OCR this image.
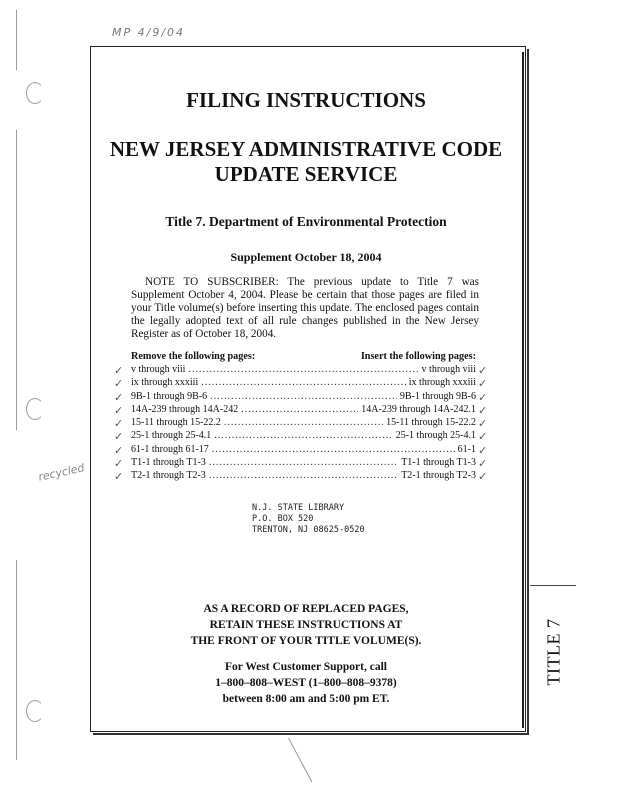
MP 4/9/04
recycled
FILING INSTRUCTIONS
NEW JERSEY ADMINISTRATIVE CODE
UPDATE SERVICE
Title 7. Department of Environmental Protection
Supplement October 18, 2004

NOTE TO SUBSCRIBER: The previous update to Title 7 was Supplement October 4, 2004. Please be certain that those pages are filed in your Title volume(s) before inserting this update. The enclosed pages contain the legally adopted text of all rule changes published in the New Jersey Register as of October 18, 2004.

Remove the following pages:	Insert the following pages:
✓
✓
✓
✓
✓
✓
✓
✓
✓
v through viii .....	v through viii
ix through xxxiii .....	ix through xxxiii
9B-1 through 9B-6 .....	9B-1 through 9B-6
14A-239 through 14A-242 .....	14A-239 through 14A-242.1
15-11 through 15-22.2 .....	15-11 through 15-22.2
25-1 through 25-4.1 .....	25-1 through 25-4.1
61-1 through 61-17 .....	61-1
T1-1 through T1-3 .....	T1-1 through T1-3
T2-1 through T2-3 .....	T2-1 through T2-3
✓
✓
✓
✓
✓
✓
✓
✓
✓
N.J. STATE LIBRARY
P.O. BOX 520
TRENTON, NJ 08625-0520
AS A RECORD OF REPLACED PAGES,
RETAIN THESE INSTRUCTIONS AT
THE FRONT OF YOUR TITLE VOLUME(S).
For West Customer Support, call
1–800–808–WEST (1–800–808–9378)
between 8:00 am and 5:00 pm ET.
TITLE 7
